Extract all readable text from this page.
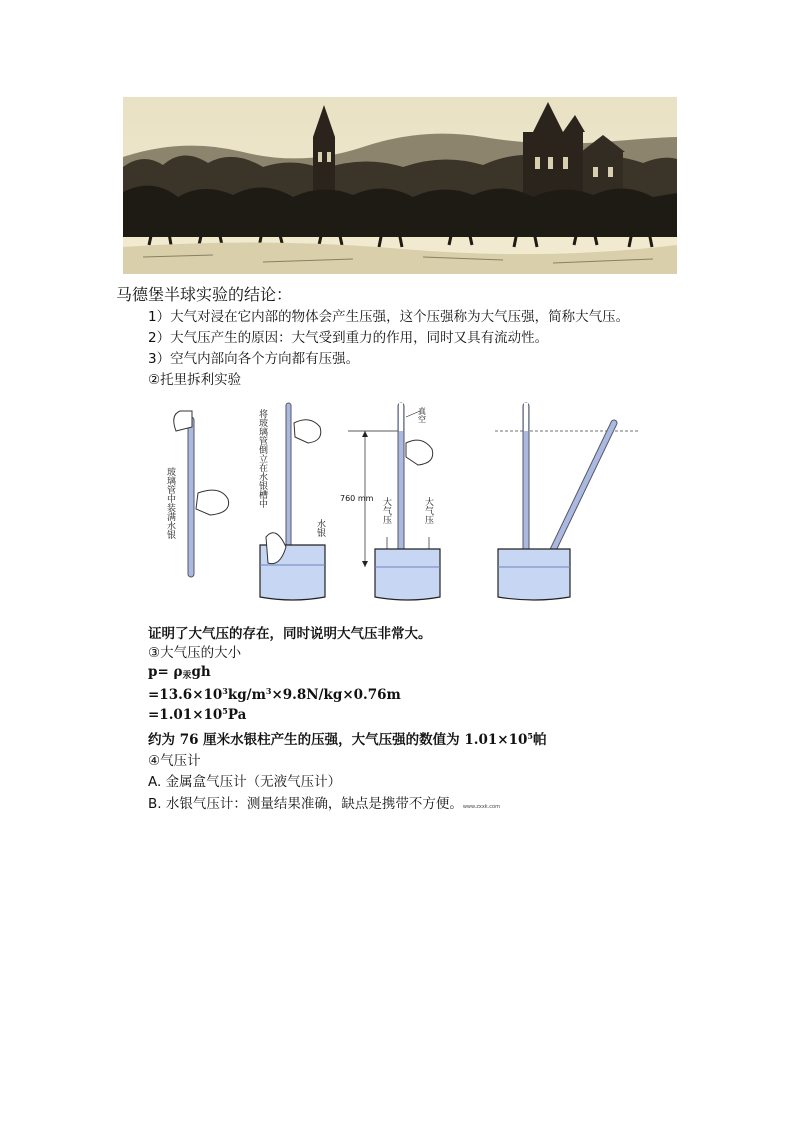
马德堡半球实验的结论：
1）大气对浸在它内部的物体会产生压强，这个压强称为大气压强，简称大气压。
2）大气压产生的原因：大气受到重力的作用，同时又具有流动性。
3）空气内部向各个方向都有压强。
②托里拆利实验
玻璃管中装满水银	将玻璃管倒立在水银槽中
水银
760 mm
真空
大气压	大气压
证明了大气压的存在，同时说明大气压非常大。
③大气压的大小
$p= \rho_汞gh$
$=13.6\times 10^3kg/m^3\times 9.8N/kg\times 0.76m$
$=1.01\times 10^5Pa$
约为 76 厘米水银柱产生的压强，大气压强的数值为 $1.01\times 10^5$帕
④气压计
A. 金属盒气压计（无液气压计）
B. 水银气压计：测量结果准确，缺点是携带不方便。www.zxxk.com
